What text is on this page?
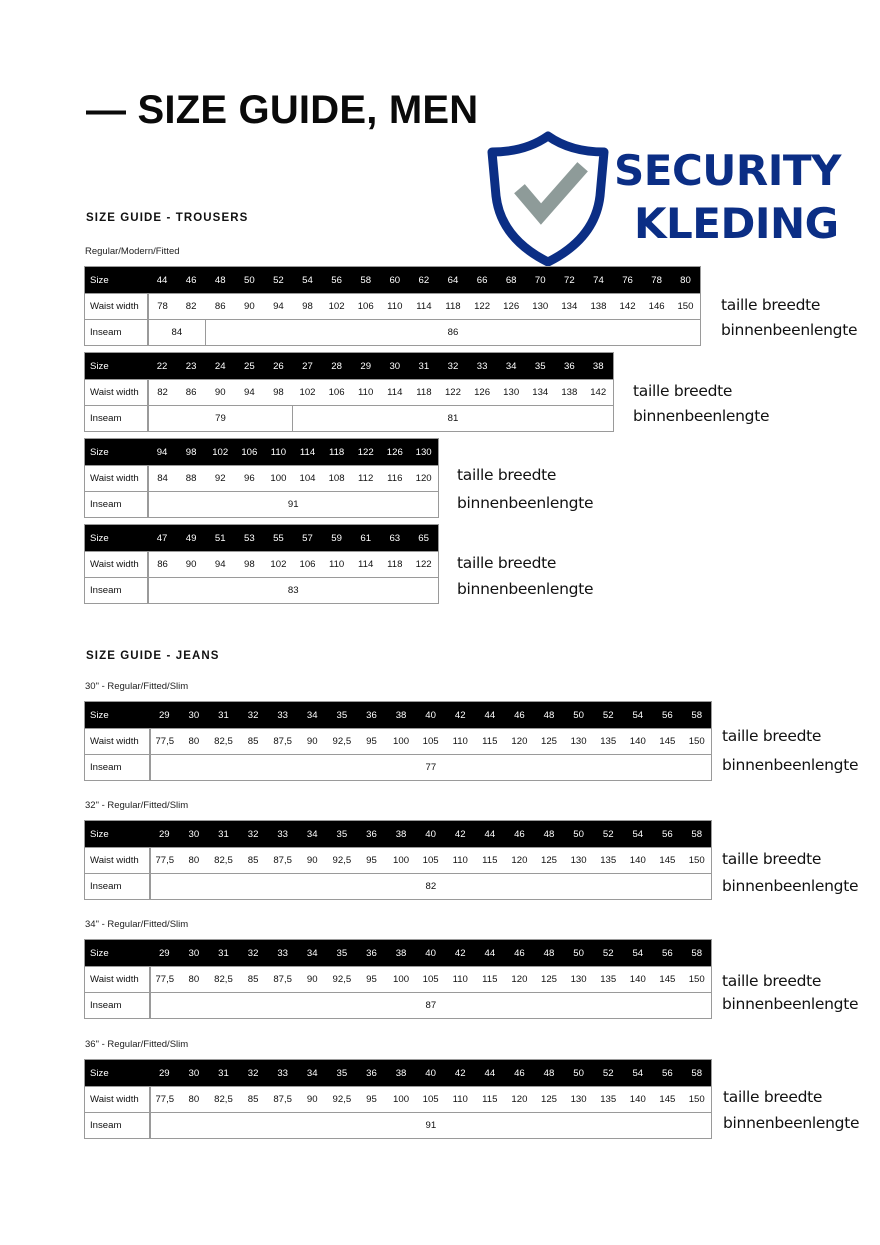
— SIZE GUIDE, MEN
SECURITY
KLEDING
SIZE GUIDE - TROUSERS
Regular/Modern/Fitted
SIZE GUIDE - JEANS
Size	44	46	48	50	52	54	56	58	60	62	64	66	68	70	72	74	76	78	80
Waist width	78	82	86	90	94	98	102	106	110	114	118	122	126	130	134	138	142	146	150
Inseam	84		86																
taille breedte
binnenbeenlengte
Size	22	23	24	25	26	27	28	29	30	31	32	33	34	35	36	38
Waist width	82	86	90	94	98	102	106	110	114	118	122	126	130	134	138	142
Inseam	79					81										
taille breedte
binnenbeenlengte
Size	94	98	102	106	110	114	118	122	126	130
Waist width	84	88	92	96	100	104	108	112	116	120
Inseam	91									
taille breedte
binnenbeenlengte
Size	47	49	51	53	55	57	59	61	63	65
Waist width	86	90	94	98	102	106	110	114	118	122
Inseam	83									
taille breedte
binnenbeenlengte
30" - Regular/Fitted/Slim
Size	29	30	31	32	33	34	35	36	38	40	42	44	46	48	50	52	54	56	58
Waist width	77,5	80	82,5	85	87,5	90	92,5	95	100	105	110	115	120	125	130	135	140	145	150
Inseam	77																		
taille breedte
binnenbeenlengte
32" - Regular/Fitted/Slim
Size	29	30	31	32	33	34	35	36	38	40	42	44	46	48	50	52	54	56	58
Waist width	77,5	80	82,5	85	87,5	90	92,5	95	100	105	110	115	120	125	130	135	140	145	150
Inseam	82																		
taille breedte
binnenbeenlengte
34" - Regular/Fitted/Slim
Size	29	30	31	32	33	34	35	36	38	40	42	44	46	48	50	52	54	56	58
Waist width	77,5	80	82,5	85	87,5	90	92,5	95	100	105	110	115	120	125	130	135	140	145	150
Inseam	87																		
taille breedte
binnenbeenlengte
36" - Regular/Fitted/Slim
Size	29	30	31	32	33	34	35	36	38	40	42	44	46	48	50	52	54	56	58
Waist width	77,5	80	82,5	85	87,5	90	92,5	95	100	105	110	115	120	125	130	135	140	145	150
Inseam	91																		
taille breedte
binnenbeenlengte
